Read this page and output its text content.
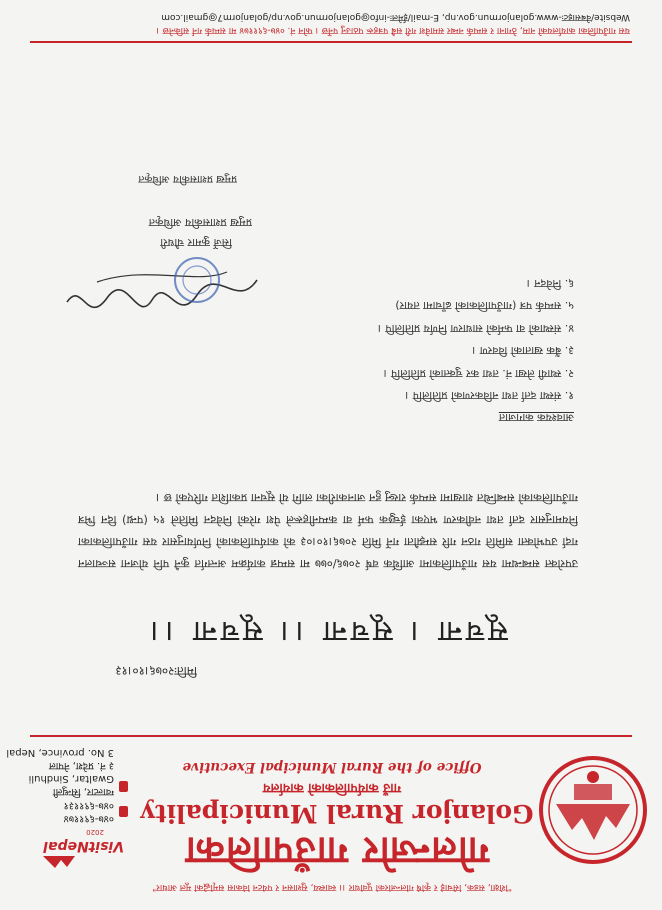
"शिक्षा, सडक, सिंचाई र कृषि गोलन्जोरको पूर्वाधार ।। स्वास्थ्य, सुशासन र पर्यटन विकास समृद्धिको मूल आधार"
गोलन्जोर गाउँपालिका
Golanjor Rural Municipality
गाउँ कार्यपालिकाको कार्यालय
Office of the Rural Municipal Executive
VisitNepal
2020
०४७-६९११७४
०४७-६९११३१
ग्वाल्टार, सिन्धुली
Gwaltar, Sindhuli
३ नं. प्रदेश, नेपाल
3 No. province, Nepal
मितिः२०७६।१०।१३
सूचना । सूचना ।। सूचना ।।
उपरोक्त सम्बन्धमा यस गाउँपालिकामा आर्थिक वर्ष २०७६/०७७ मा सम्पन्न कार्यक्रम अन्तर्गत कुनै पनि योजना सञ्चालन गर्दा उपभोक्ता समिति गठन गरि सम्झौता गर्ने मिति २०७६।१०।०३ को कार्यपालिकाको निर्णयानुसार यस गाउँपालिकाका नियमानुसार दर्ता तथा नवीकरण भएका ईच्छुक फर्म वा कम्पनीहरूले पेश गरेको निवेदन मितिले १५ (पन्ध्र) दिन भित्र गाउँपालिकाको सम्बन्धित शाखामा सम्पर्क राख्नु हुन जानकारीका लागि यो सूचना प्रकाशित गरिएको छ ।
आवश्यक कागजात
१. संस्था दर्ता तथा नविकरणको प्रतिलिपि ।
२. स्थायी लेखा नं. तथा कर चुक्ताको प्रतिलिपि ।
३. बैंक खाताको विवरण ।
४. संस्थाको वा फर्मको साधारण निर्णय प्रतिलिपि ।
५. सम्पर्क पत्र (गाउँपालिकाको ढाँचामा तयार)
६. निवेदन ।
सिर्जे कुमार चौधरी
प्रमुख प्रशासकीय अधिकृत
प्रमुख प्रशासकीय अधिकृत
यस गाउँपालिका कार्यालयको नाम, ठेगाना र सम्पर्क नम्बर समावेश गरी सबै पत्रहरू पठाउनु पर्नेछ । फोन नं. ०४७-६९११७४ मा सम्पर्क गर्न सकिनेछ ।
Website/वेबसाइटः-www.golanjormun.gov.np, E-mail/ईमेलः-info@golanjormun.gov.np/golanjorm7@gmail.com
